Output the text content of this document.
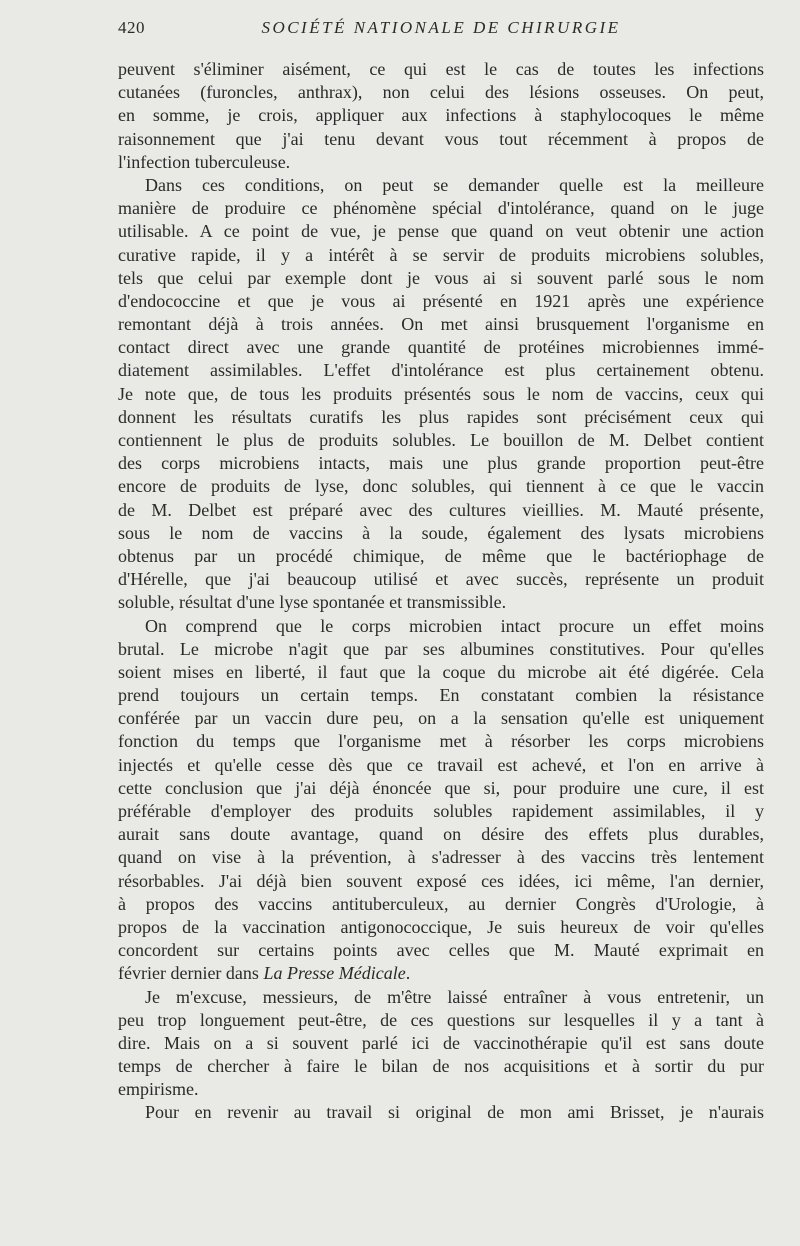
420	SOCIÉTÉ NATIONALE DE CHIRURGIE
peuvent s'éliminer aisément, ce qui est le cas de toutes les infections
cutanées (furoncles, anthrax), non celui des lésions osseuses. On peut,
en somme, je crois, appliquer aux infections à staphylocoques le même
raisonnement que j'ai tenu devant vous tout récemment à propos de
l'infection tuberculeuse.
Dans ces conditions, on peut se demander quelle est la meilleure
manière de produire ce phénomène spécial d'intolérance, quand on le juge
utilisable. A ce point de vue, je pense que quand on veut obtenir une action
curative rapide, il y a intérêt à se servir de produits microbiens solubles,
tels que celui par exemple dont je vous ai si souvent parlé sous le nom
d'endococcine et que je vous ai présenté en 1921 après une expérience
remontant déjà à trois années. On met ainsi brusquement l'organisme en
contact direct avec une grande quantité de protéines microbiennes immé-
diatement assimilables. L'effet d'intolérance est plus certainement obtenu.
Je note que, de tous les produits présentés sous le nom de vaccins, ceux qui
donnent les résultats curatifs les plus rapides sont précisément ceux qui
contiennent le plus de produits solubles. Le bouillon de M. Delbet contient
des corps microbiens intacts, mais une plus grande proportion peut-être
encore de produits de lyse, donc solubles, qui tiennent à ce que le vaccin
de M. Delbet est préparé avec des cultures vieillies. M. Mauté présente,
sous le nom de vaccins à la soude, également des lysats microbiens
obtenus par un procédé chimique, de même que le bactériophage de
d'Hérelle, que j'ai beaucoup utilisé et avec succès, représente un produit
soluble, résultat d'une lyse spontanée et transmissible.
On comprend que le corps microbien intact procure un effet moins
brutal. Le microbe n'agit que par ses albumines constitutives. Pour qu'elles
soient mises en liberté, il faut que la coque du microbe ait été digérée. Cela
prend toujours un certain temps. En constatant combien la résistance
conférée par un vaccin dure peu, on a la sensation qu'elle est uniquement
fonction du temps que l'organisme met à résorber les corps microbiens
injectés et qu'elle cesse dès que ce travail est achevé, et l'on en arrive à
cette conclusion que j'ai déjà énoncée que si, pour produire une cure, il est
préférable d'employer des produits solubles rapidement assimilables, il y
aurait sans doute avantage, quand on désire des effets plus durables,
quand on vise à la prévention, à s'adresser à des vaccins très lentement
résorbables. J'ai déjà bien souvent exposé ces idées, ici même, l'an dernier,
à propos des vaccins antituberculeux, au dernier Congrès d'Urologie, à
propos de la vaccination antigonococcique, Je suis heureux de voir qu'elles
concordent sur certains points avec celles que M. Mauté exprimait en
février dernier dans La Presse Médicale.
Je m'excuse, messieurs, de m'être laissé entraîner à vous entretenir, un
peu trop longuement peut-être, de ces questions sur lesquelles il y a tant à
dire. Mais on a si souvent parlé ici de vaccinothérapie qu'il est sans doute
temps de chercher à faire le bilan de nos acquisitions et à sortir du pur
empirisme.
Pour en revenir au travail si original de mon ami Brisset, je n'aurais
